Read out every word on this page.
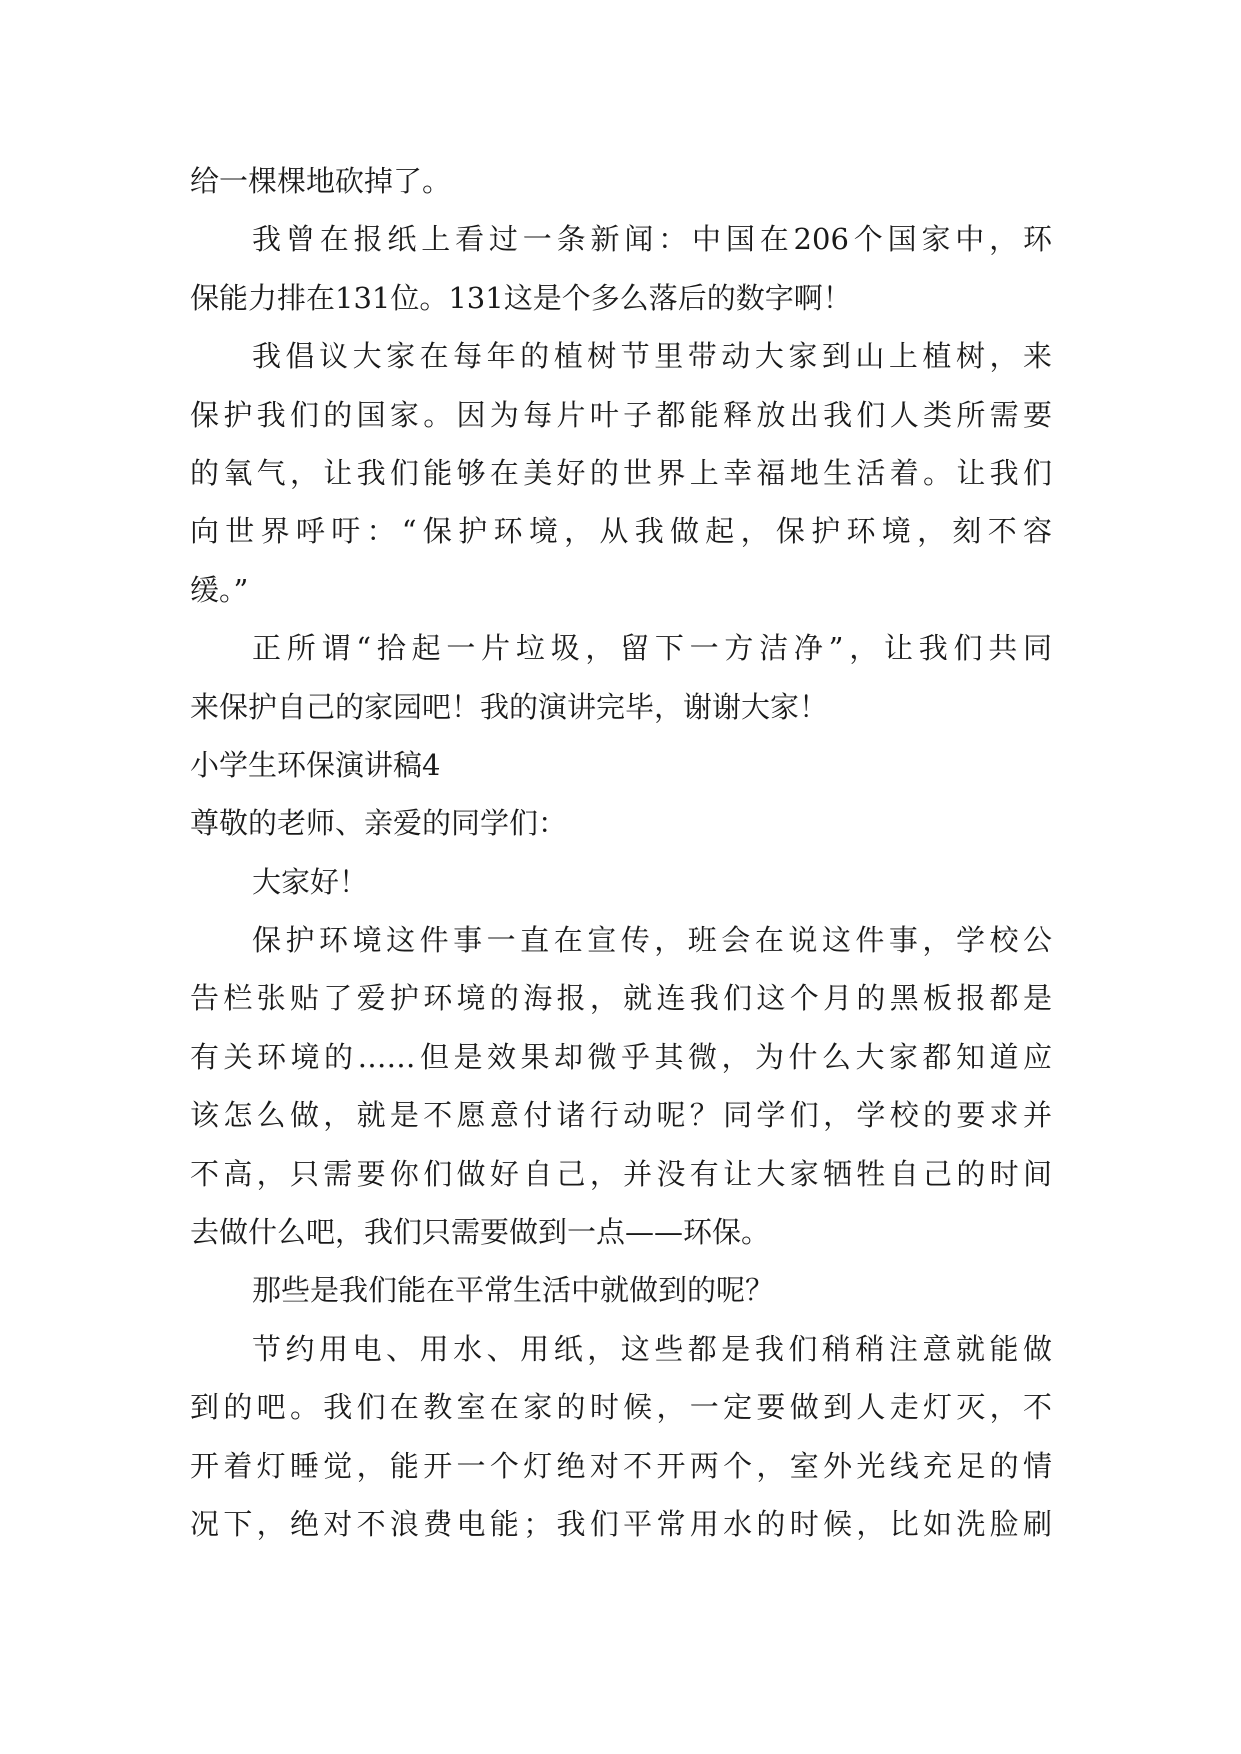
给一棵棵地砍掉了。
我曾在报纸上看过一条新闻：中国在206个国家中，环
保能力排在131位。131这是个多么落后的数字啊！
我倡议大家在每年的植树节里带动大家到山上植树，来
保护我们的国家。因为每片叶子都能释放出我们人类所需要
的氧气，让我们能够在美好的世界上幸福地生活着。让我们
向世界呼吁：“保护环境，从我做起，保护环境，刻不容
缓。”
正所谓“拾起一片垃圾，留下一方洁净”，让我们共同
来保护自己的家园吧！我的演讲完毕，谢谢大家！
小学生环保演讲稿4
尊敬的老师、亲爱的同学们：
大家好！
保护环境这件事一直在宣传，班会在说这件事，学校公
告栏张贴了爱护环境的海报，就连我们这个月的黑板报都是
有关环境的……但是效果却微乎其微，为什么大家都知道应
该怎么做，就是不愿意付诸行动呢？同学们，学校的要求并
不高，只需要你们做好自己，并没有让大家牺牲自己的时间
去做什么吧，我们只需要做到一点——环保。
那些是我们能在平常生活中就做到的呢？
节约用电、用水、用纸，这些都是我们稍稍注意就能做
到的吧。我们在教室在家的时候，一定要做到人走灯灭，不
开着灯睡觉，能开一个灯绝对不开两个，室外光线充足的情
况下，绝对不浪费电能；我们平常用水的时候，比如洗脸刷
